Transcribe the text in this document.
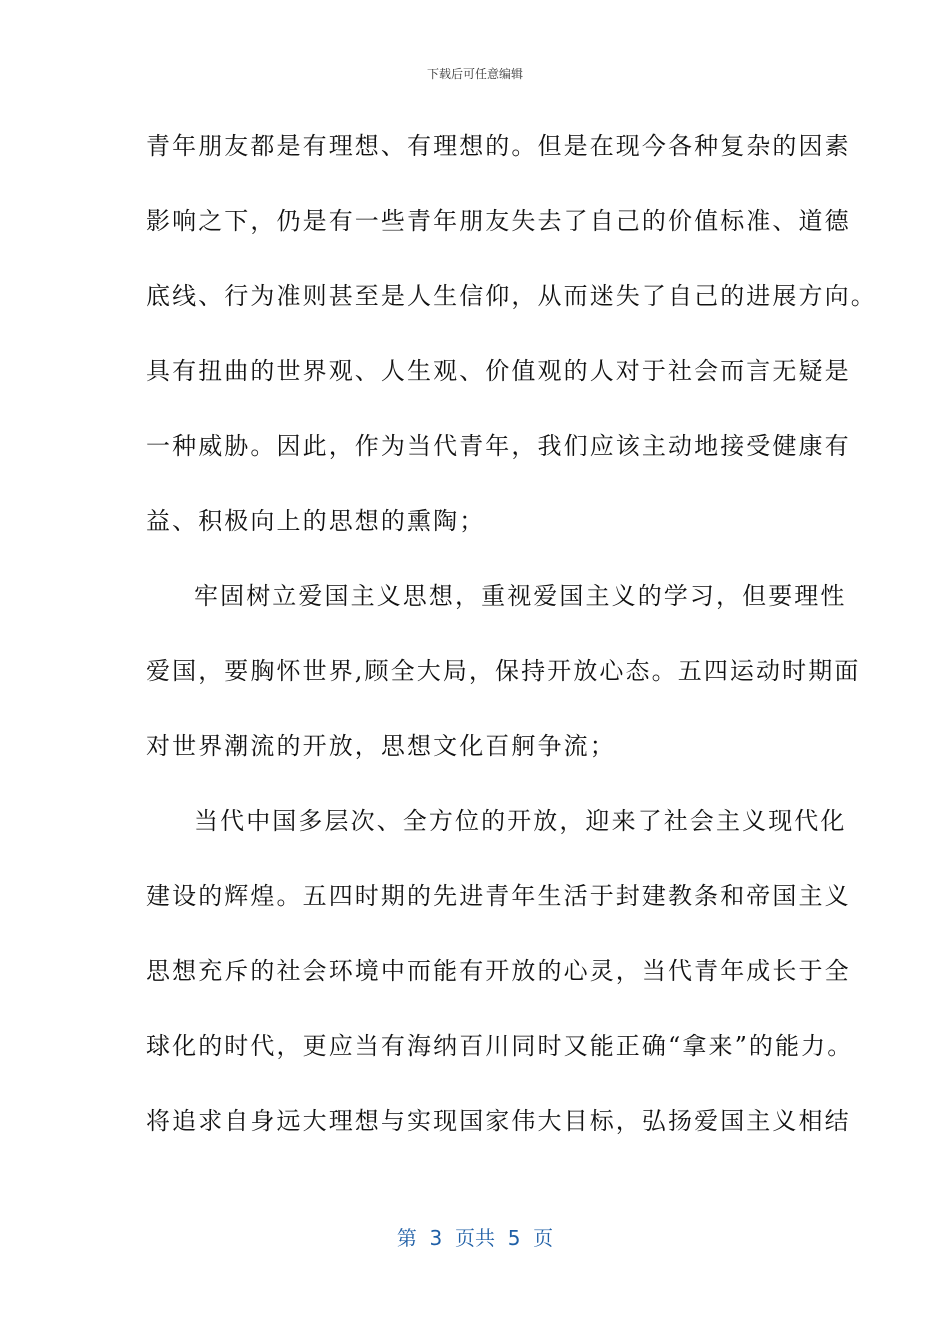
下载后可任意编辑
青年朋友都是有理想、有理想的。但是在现今各种复杂的因素
影响之下，仍是有一些青年朋友失去了自己的价值标准、道德
底线、行为准则甚至是人生信仰，从而迷失了自己的进展方向。
具有扭曲的世界观、人生观、价值观的人对于社会而言无疑是
一种威胁。因此，作为当代青年，我们应该主动地接受健康有
益、积极向上的思想的熏陶；
牢固树立爱国主义思想，重视爱国主义的学习，但要理性
爱国，要胸怀世界,顾全大局，保持开放心态。五四运动时期面
对世界潮流的开放，思想文化百舸争流；
当代中国多层次、全方位的开放，迎来了社会主义现代化
建设的辉煌。五四时期的先进青年生活于封建教条和帝国主义
思想充斥的社会环境中而能有开放的心灵，当代青年成长于全
球化的时代，更应当有海纳百川同时又能正确“拿来”的能力。
将追求自身远大理想与实现国家伟大目标，弘扬爱国主义相结
第  3  页共  5  页
